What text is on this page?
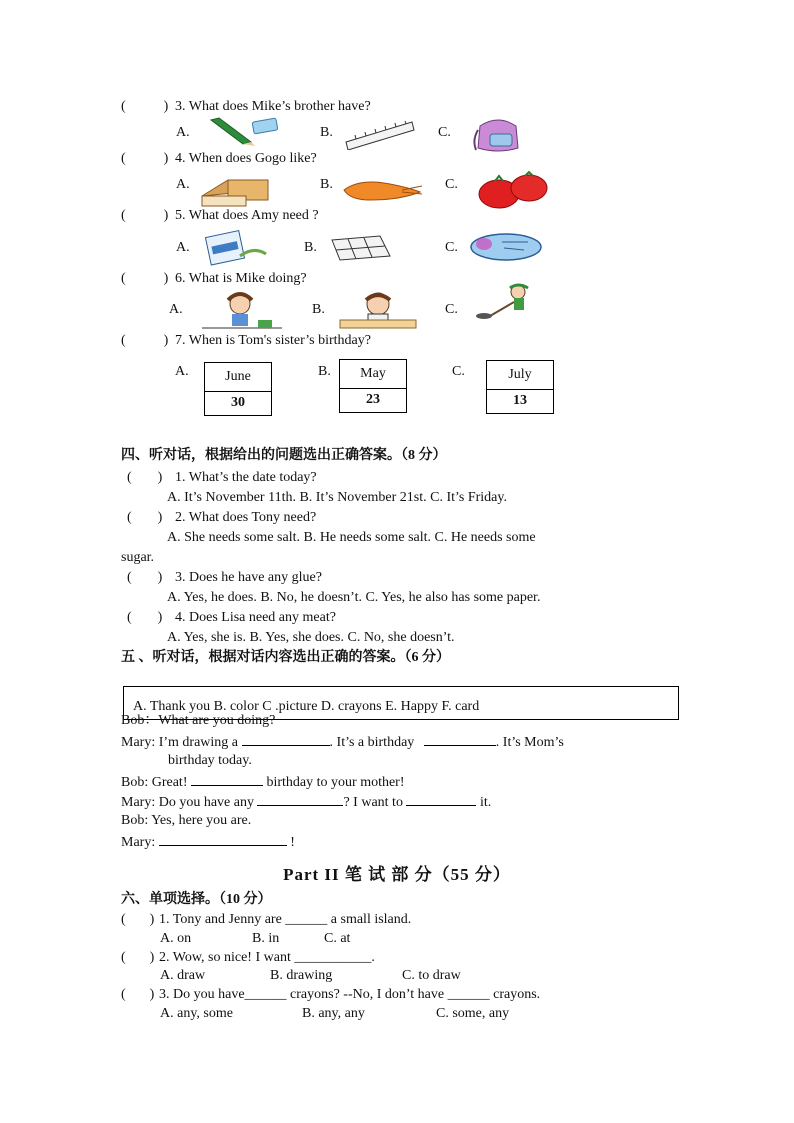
(	) 3. What does Mike’s brother have?
A.	B.	C.
(	) 4. When does Gogo like?
A.	B.	C.
(	) 5. What does Amy need ?
A.	B.	C.
(	) 6. What is Mike doing?
A.	B.	C.
(	) 7. When is Tom's sister’s birthday?
A.	June
30
B.	May
23
C.	July
13
四、听对话，根据给出的问题选出正确答案。（8 分）
( ) 1. What’s the date today?
A. It’s November 11th. B. It’s November 21st. C. It’s Friday.
( ) 2. What does Tony need?
A. She needs some salt. B. He needs some salt. C. He needs some
sugar.
( ) 3. Does he have any glue?
A. Yes, he does. B. No, he doesn’t. C. Yes, he also has some paper.
( ) 4. Does Lisa need any meat?
A. Yes, she is. B. Yes, she does. C. No, she doesn’t.
五 、听对话，根据对话内容选出正确的答案。（6 分）
A. Thank you B. color C .picture D. crayons E. Happy F. card
Bob：What are you doing?
Mary: I’m drawing a	. It’s a birthday	. It’s Mom’s
birthday today.
Bob: Great!	birthday to your mother!
Mary: Do you have any	? I want to	it.
Bob: Yes, here you are.
Mary:	!
Part II 笔 试 部 分（55 分）
六、单项选择。（10 分）
( ) 1. Tony and Jenny are ______ a small island.
A. on	B. in	C. at
( ) 2. Wow, so nice! I want ___________.
A. draw	B. drawing	C. to draw
( ) 3. Do you have______ crayons? --No, I don’t have ______ crayons.
A. any, some	B. any, any	C. some, any
